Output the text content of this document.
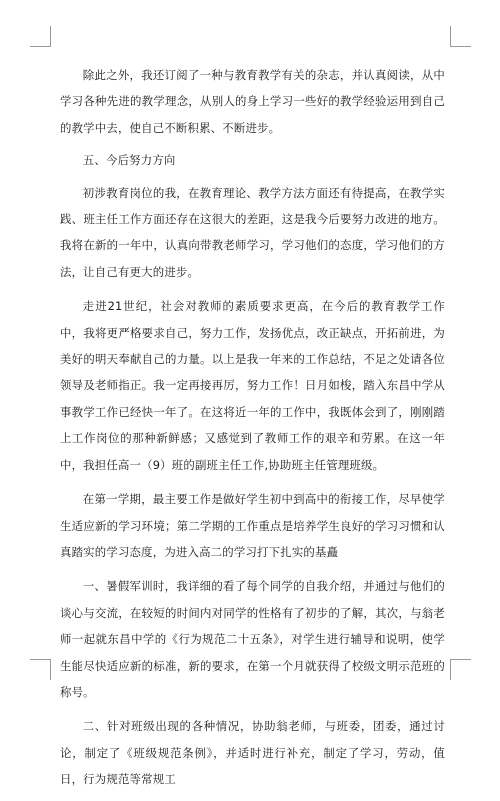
除此之外，我还订阅了一种与教育教学有关的杂志，并认真阅读，从中学习各种先进的教学理念，从别人的身上学习一些好的教学经验运用到自己的教学中去，使自己不断积累、不断进步。

五、今后努力方向

初涉教育岗位的我，在教育理论、教学方法方面还有待提高，在教学实践、班主任工作方面还存在这很大的差距，这是我今后要努力改进的地方。我将在新的一年中，认真向带教老师学习，学习他们的态度，学习他们的方法，让自己有更大的进步。

走进21世纪，社会对教师的素质要求更高，在今后的教育教学工作中，我将更严格要求自己，努力工作，发扬优点，改正缺点，开拓前进，为美好的明天奉献自己的力量。以上是我一年来的工作总结，不足之处请各位领导及老师指正。我一定再接再厉，努力工作！日月如梭，踏入东昌中学从事教学工作已经快一年了。在这将近一年的工作中，我既体会到了，刚刚踏上工作岗位的那种新鲜感；又感觉到了教师工作的艰辛和劳累。在这一年中，我担任高一（9）班的副班主任工作,协助班主任管理班级。

在第一学期，最主要工作是做好学生初中到高中的衔接工作，尽早使学生适应新的学习环境；第二学期的工作重点是培养学生良好的学习习惯和认真踏实的学习态度，为进入高二的学习打下扎实的基矗

一、暑假军训时，我详细的看了每个同学的自我介绍，并通过与他们的谈心与交流，在较短的时间内对同学的性格有了初步的了解，其次，与翁老师一起就东昌中学的《行为规范二十五条》，对学生进行辅导和说明，使学生能尽快适应新的标准，新的要求，在第一个月就获得了校级文明示范班的称号。

二、针对班级出现的各种情况，协助翁老师，与班委，团委，通过讨论，制定了《班级规范条例》，并适时进行补充，制定了学习，劳动，值日，行为规范等常规工
